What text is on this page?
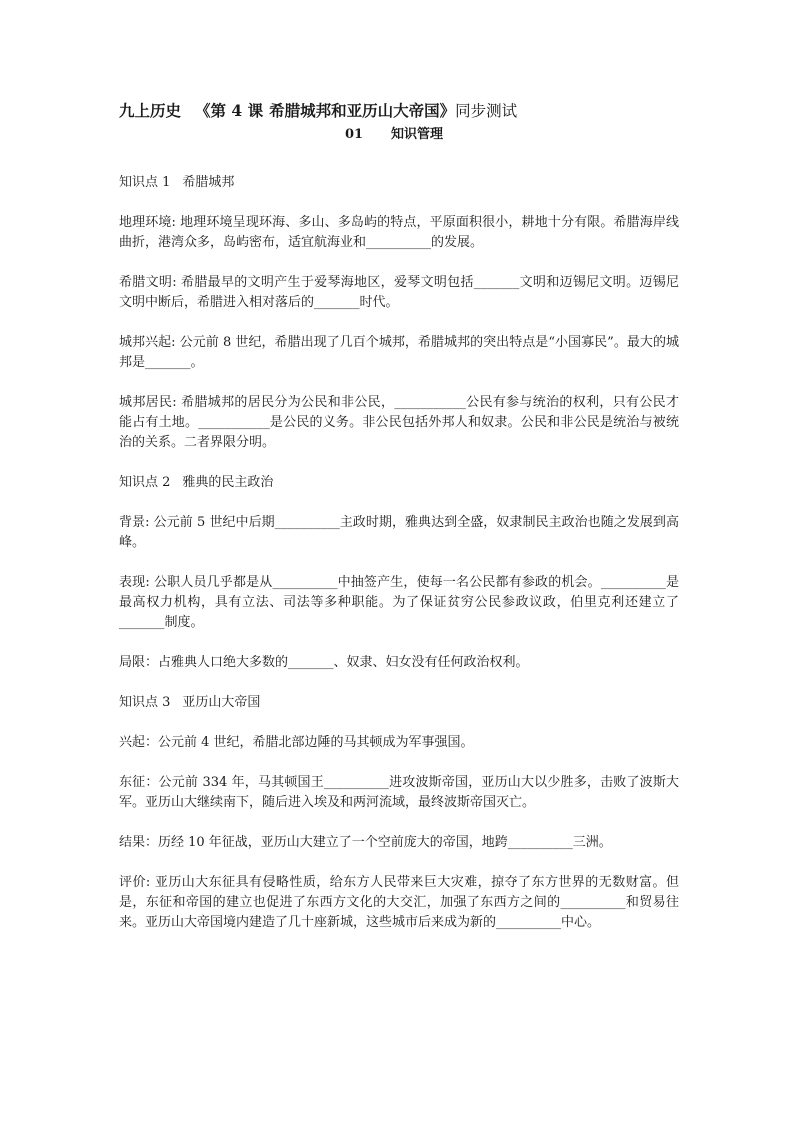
九上历史 《第 4 课 希腊城邦和亚历山大帝国》同步测试

01 知识管理

知识点 1 希腊城邦

地理环境: 地理环境呈现环海、多山、多岛屿的特点，平原面积很小，耕地十分有限。希腊海岸线曲折，港湾众多，岛屿密布，适宜航海业和__________的发展。

希腊文明: 希腊最早的文明产生于爱琴海地区，爱琴文明包括_______文明和迈锡尼文明。迈锡尼文明中断后，希腊进入相对落后的_______时代。

城邦兴起: 公元前 8 世纪，希腊出现了几百个城邦，希腊城邦的突出特点是“小国寡民”。最大的城邦是_______。

城邦居民: 希腊城邦的居民分为公民和非公民，___________公民有参与统治的权利，只有公民才能占有土地。___________是公民的义务。非公民包括外邦人和奴隶。公民和非公民是统治与被统治的关系。二者界限分明。

知识点 2 雅典的民主政治

背景: 公元前 5 世纪中后期__________主政时期，雅典达到全盛，奴隶制民主政治也随之发展到高峰。

表现: 公职人员几乎都是从__________中抽签产生，使每一名公民都有参政的机会。__________是最高权力机构，具有立法、司法等多种职能。为了保证贫穷公民参政议政，伯里克利还建立了_______制度。

局限：占雅典人口绝大多数的_______、奴隶、妇女没有任何政治权利。

知识点 3 亚历山大帝国

兴起：公元前 4 世纪，希腊北部边陲的马其顿成为军事强国。

东征：公元前 334 年，马其顿国王__________进攻波斯帝国，亚历山大以少胜多，击败了波斯大军。亚历山大继续南下，随后进入埃及和两河流域，最终波斯帝国灭亡。

结果：历经 10 年征战，亚历山大建立了一个空前庞大的帝国，地跨__________三洲。

评价: 亚历山大东征具有侵略性质，给东方人民带来巨大灾难，掠夺了东方世界的无数财富。但是，东征和帝国的建立也促进了东西方文化的大交汇，加强了东西方之间的__________和贸易往来。亚历山大帝国境内建造了几十座新城，这些城市后来成为新的__________中心。
